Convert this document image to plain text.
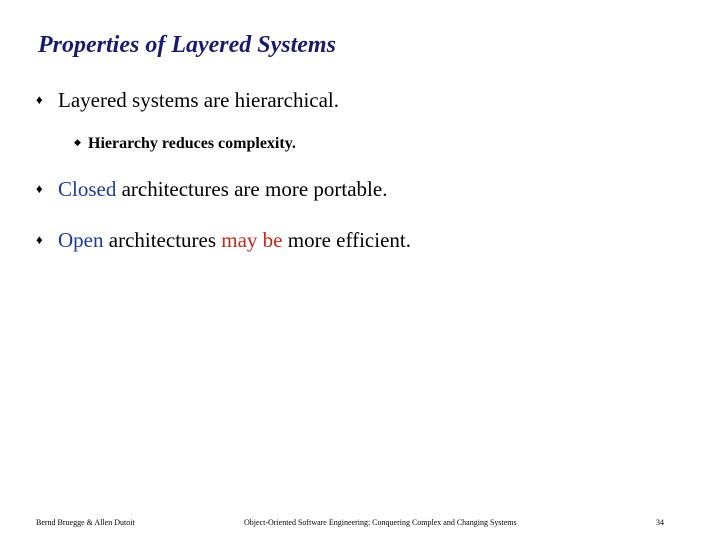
Properties of Layered Systems
♦ Layered systems are hierarchical.
◆ Hierarchy reduces complexity.
♦ Closed architectures are more portable.
♦ Open architectures may be more efficient.
Bernd Bruegge & Allen Dutoit	Object-Oriented Software Engineering: Conquering Complex and Changing Systems	34
